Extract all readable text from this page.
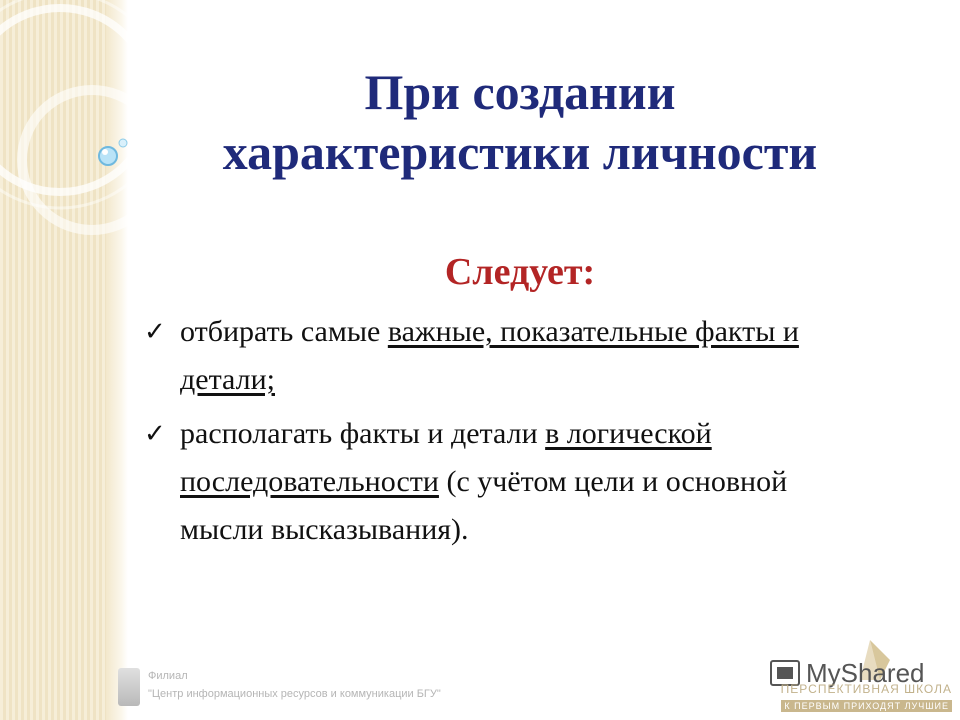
При создании
характеристики личности
Следует:
✓ отбирать самые важные, показательные факты и детали;
✓ располагать факты и детали в логической последовательности (с учётом цели и основной мысли высказывания).
Филиал
"Центр информационных ресурсов и коммуникации БГУ"
MyShared
ПЕРСПЕКТИВНАЯ ШКОЛА
К ПЕРВЫМ ПРИХОДЯТ ЛУЧШИЕ
